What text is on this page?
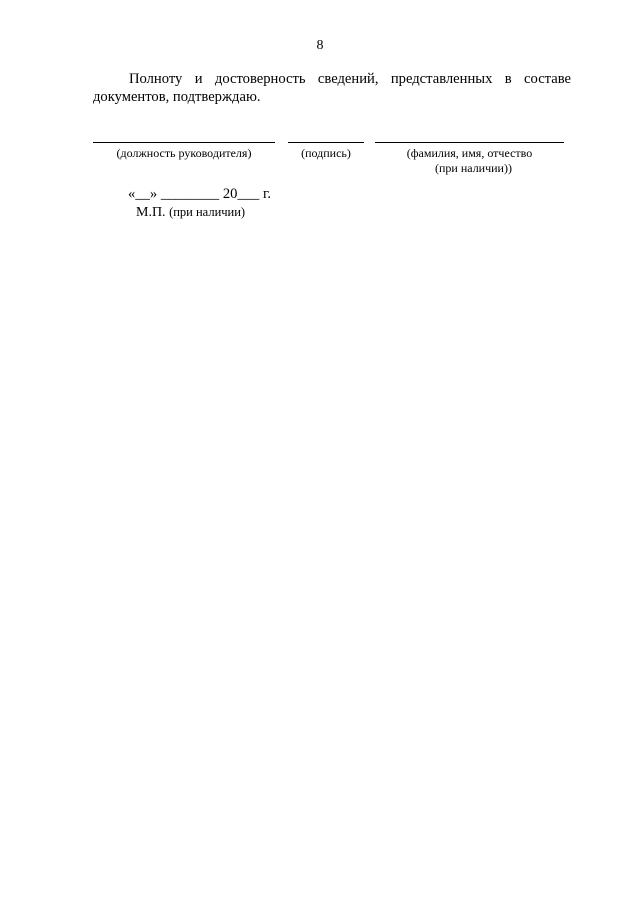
8
Полноту и достоверность сведений, представленных в составе
документов, подтверждаю.
(должность руководителя)	(подпись)	(фамилия, имя, отчество
(при наличии))
«__» ________ 20___ г.
М.П. (при наличии)
